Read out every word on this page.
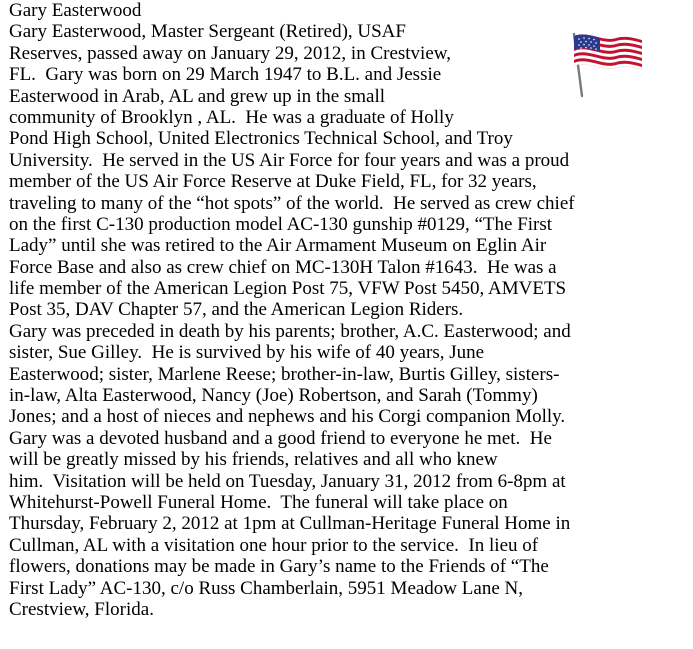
Gary Easterwood
Gary Easterwood, Master Sergeant (Retired), USAF
Reserves, passed away on January 29, 2012, in Crestview,
FL.  Gary was born on 29 March 1947 to B.L. and Jessie
Easterwood in Arab, AL and grew up in the small
community of Brooklyn , AL.  He was a graduate of Holly
Pond High School, United Electronics Technical School, and Troy
University.  He served in the US Air Force for four years and was a proud
member of the US Air Force Reserve at Duke Field, FL, for 32 years,
traveling to many of the “hot spots” of the world.  He served as crew chief
on the first C-130 production model AC-130 gunship #0129, “The First
Lady” until she was retired to the Air Armament Museum on Eglin Air
Force Base and also as crew chief on MC-130H Talon #1643.  He was a
life member of the American Legion Post 75, VFW Post 5450, AMVETS
Post 35, DAV Chapter 57, and the American Legion Riders.
Gary was preceded in death by his parents; brother, A.C. Easterwood; and
sister, Sue Gilley.  He is survived by his wife of 40 years, June
Easterwood; sister, Marlene Reese; brother-in-law, Burtis Gilley, sisters-
in-law, Alta Easterwood, Nancy (Joe) Robertson, and Sarah (Tommy)
Jones; and a host of nieces and nephews and his Corgi companion Molly.
Gary was a devoted husband and a good friend to everyone he met.  He
will be greatly missed by his friends, relatives and all who knew
him.  Visitation will be held on Tuesday, January 31, 2012 from 6-8pm at
Whitehurst-Powell Funeral Home.  The funeral will take place on
Thursday, February 2, 2012 at 1pm at Cullman-Heritage Funeral Home in
Cullman, AL with a visitation one hour prior to the service.  In lieu of
flowers, donations may be made in Gary’s name to the Friends of “The
First Lady” AC-130, c/o Russ Chamberlain, 5951 Meadow Lane N,
Crestview, Florida.
